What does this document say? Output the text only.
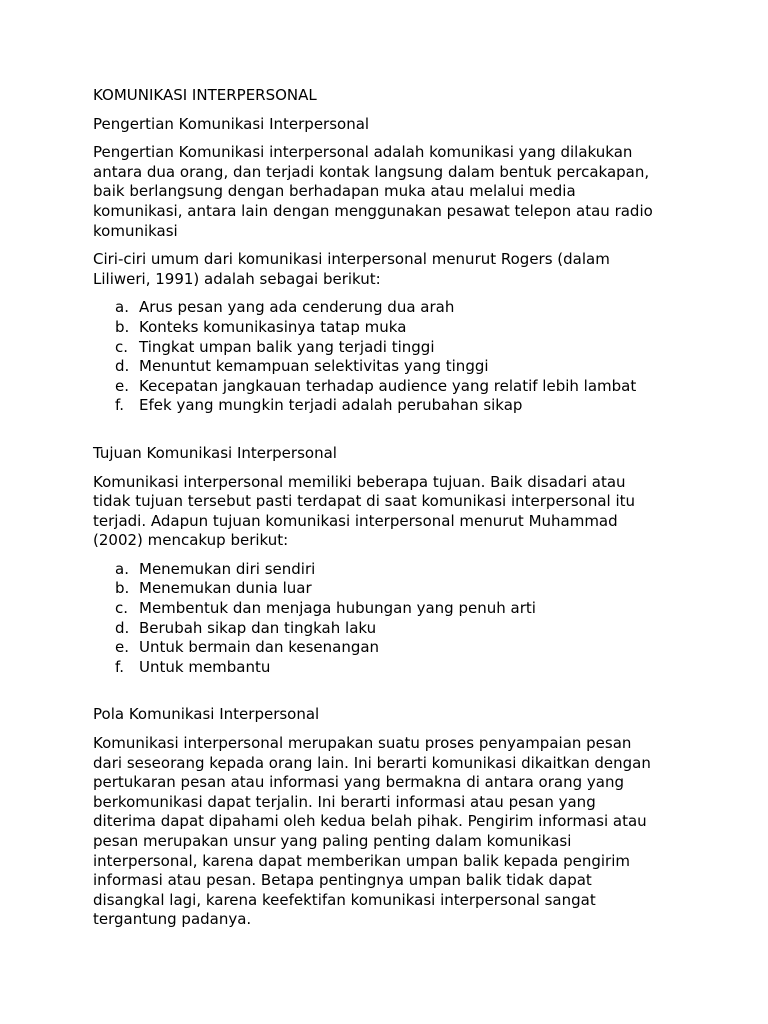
KOMUNIKASI INTERPERSONAL

Pengertian Komunikasi Interpersonal

Pengertian Komunikasi interpersonal adalah komunikasi yang dilakukan
antara dua orang, dan terjadi kontak langsung dalam bentuk percakapan,
baik berlangsung dengan berhadapan muka atau melalui media
komunikasi, antara lain dengan menggunakan pesawat telepon atau radio
komunikasi
Ciri-ciri umum dari komunikasi interpersonal menurut Rogers (dalam
Liliweri, 1991) adalah sebagai berikut:
a. Arus pesan yang ada cenderung dua arah
b. Konteks komunikasinya tatap muka
c. Tingkat umpan balik yang terjadi tinggi
d. Menuntut kemampuan selektivitas yang tinggi
e. Kecepatan jangkauan terhadap audience yang relatif lebih lambat
f.	Efek yang mungkin terjadi adalah perubahan sikap

Tujuan Komunikasi Interpersonal

Komunikasi interpersonal memiliki beberapa tujuan. Baik disadari atau
tidak tujuan tersebut pasti terdapat di saat komunikasi interpersonal itu
terjadi. Adapun tujuan komunikasi interpersonal menurut Muhammad
(2002) mencakup berikut:
a. Menemukan diri sendiri
b. Menemukan dunia luar
c. Membentuk dan menjaga hubungan yang penuh arti
d. Berubah sikap dan tingkah laku
e. Untuk bermain dan kesenangan
f.	Untuk membantu

Pola Komunikasi Interpersonal

Komunikasi interpersonal merupakan suatu proses penyampaian pesan
dari seseorang kepada orang lain. Ini berarti komunikasi dikaitkan dengan
pertukaran pesan atau informasi yang bermakna di antara orang yang
berkomunikasi dapat terjalin. Ini berarti informasi atau pesan yang
diterima dapat dipahami oleh kedua belah pihak. Pengirim informasi atau
pesan merupakan unsur yang paling penting dalam komunikasi
interpersonal, karena dapat memberikan umpan balik kepada pengirim
informasi atau pesan. Betapa pentingnya umpan balik tidak dapat
disangkal lagi, karena keefektifan komunikasi interpersonal sangat
tergantung padanya.
